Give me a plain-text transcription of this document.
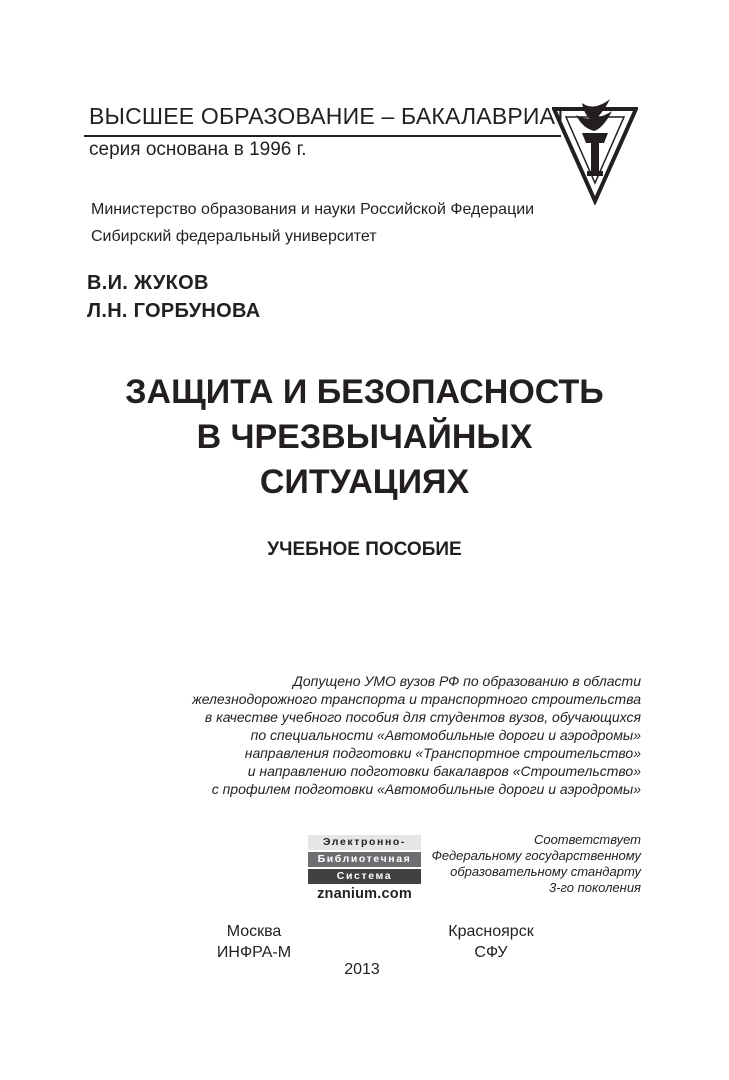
ВЫСШЕЕ ОБРАЗОВАНИЕ – БАКАЛАВРИАТ
серия основана в 1996 г.
Министерство образования и науки Российской Федерации
Сибирский федеральный университет
В.И. ЖУКОВ
Л.Н. ГОРБУНОВА
ЗАЩИТА И БЕЗОПАСНОСТЬ
В ЧРЕЗВЫЧАЙНЫХ
СИТУАЦИЯХ
УЧЕБНОЕ ПОСОБИЕ
Допущено УМО вузов РФ по образованию в области
железнодорожного транспорта и транспортного строительства
в качестве учебного пособия для студентов вузов, обучающихся
по специальности «Автомобильные дороги и аэродромы»
направления подготовки «Транспортное строительство»
и направлению подготовки бакалавров «Строительство»
с профилем подготовки «Автомобильные дороги и аэродромы»
Электронно-
Библиотечная
Система
znanium.com
Соответствует
Федеральному государственному
образовательному стандарту
3-го поколения
Москва
ИНФРА-М
Красноярск
СФУ
2013
